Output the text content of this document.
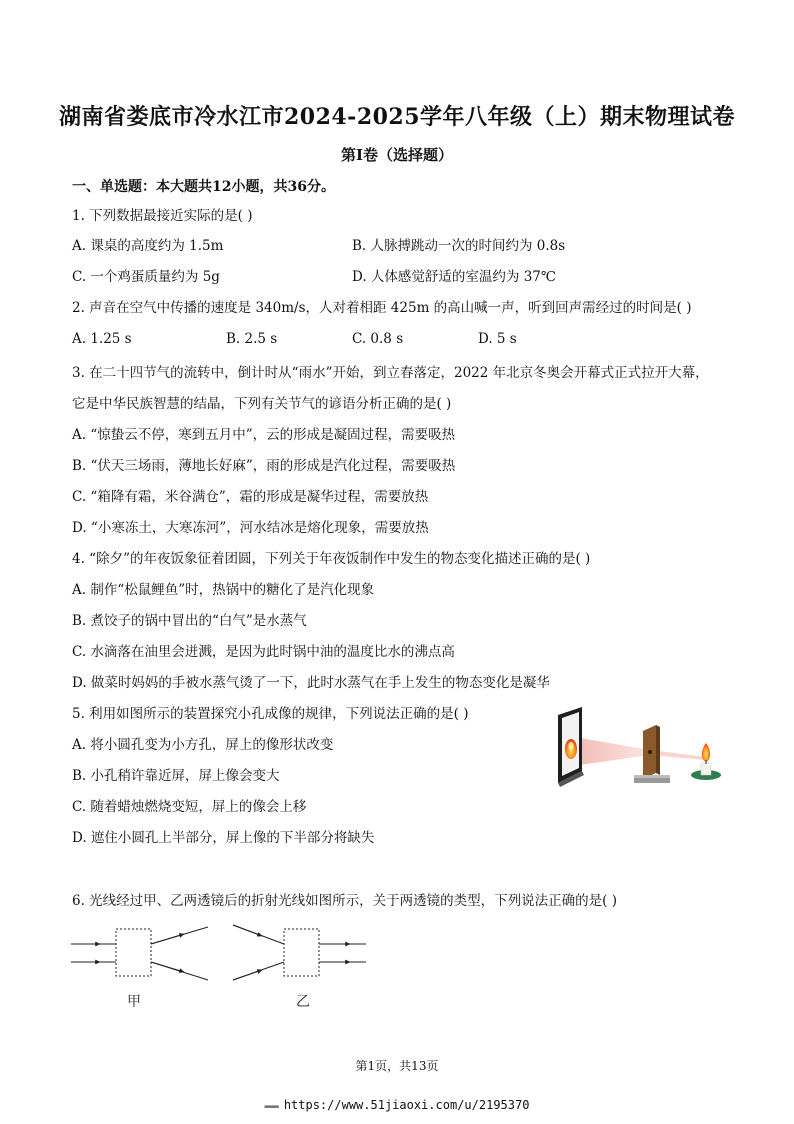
湖南省娄底市冷水江市2024-2025学年八年级（上）期末物理试卷
第I卷（选择题）
一、单选题：本大题共12小题，共36分。
1. 下列数据最接近实际的是( )
A. 课桌的高度约为 1.5m	B. 人脉搏跳动一次的时间约为 0.8s
C. 一个鸡蛋质量约为 5g	D. 人体感觉舒适的室温约为 37℃
2. 声音在空气中传播的速度是 340m/s，人对着相距 425m 的高山喊一声，听到回声需经过的时间是( )
A. 1.25 s	B. 2.5 s	C. 0.8 s	D. 5 s
3. 在二十四节气的流转中，倒计时从“雨水”开始，到立春落定，2022 年北京冬奥会开幕式正式拉开大幕，
它是中华民族智慧的结晶，下列有关节气的谚语分析正确的是( )
A. “惊蛰云不停，寒到五月中”，云的形成是凝固过程，需要吸热
B. “伏天三场雨，薄地长好麻”，雨的形成是汽化过程，需要吸热
C. “箱降有霜，米谷满仓”，霜的形成是凝华过程，需要放热
D. “小寒冻土，大寒冻河”，河水结冰是熔化现象，需要放热
4. “除夕”的年夜饭象征着团圆，下列关于年夜饭制作中发生的物态变化描述正确的是( )
A. 制作“松鼠鲤鱼”时，热锅中的糖化了是汽化现象
B. 煮饺子的锅中冒出的“白气”是水蒸气
C. 水滴落在油里会迸溅，是因为此时锅中油的温度比水的沸点高
D. 做菜时妈妈的手被水蒸气烫了一下，此时水蒸气在手上发生的物态变化是凝华
5. 利用如图所示的装置探究小孔成像的规律，下列说法正确的是( )
A. 将小圆孔变为小方孔，屏上的像形状改变
B. 小孔稍许靠近屏，屏上像会变大
C. 随着蜡烛燃烧变短，屏上的像会上移
D. 遮住小圆孔上半部分，屏上像的下半部分将缺失
6. 光线经过甲、乙两透镜后的折射光线如图所示，关于两透镜的类型，下列说法正确的是( )
甲	乙
第1页，共13页
▬▬▬ https://www.51jiaoxi.com/u/2195370
